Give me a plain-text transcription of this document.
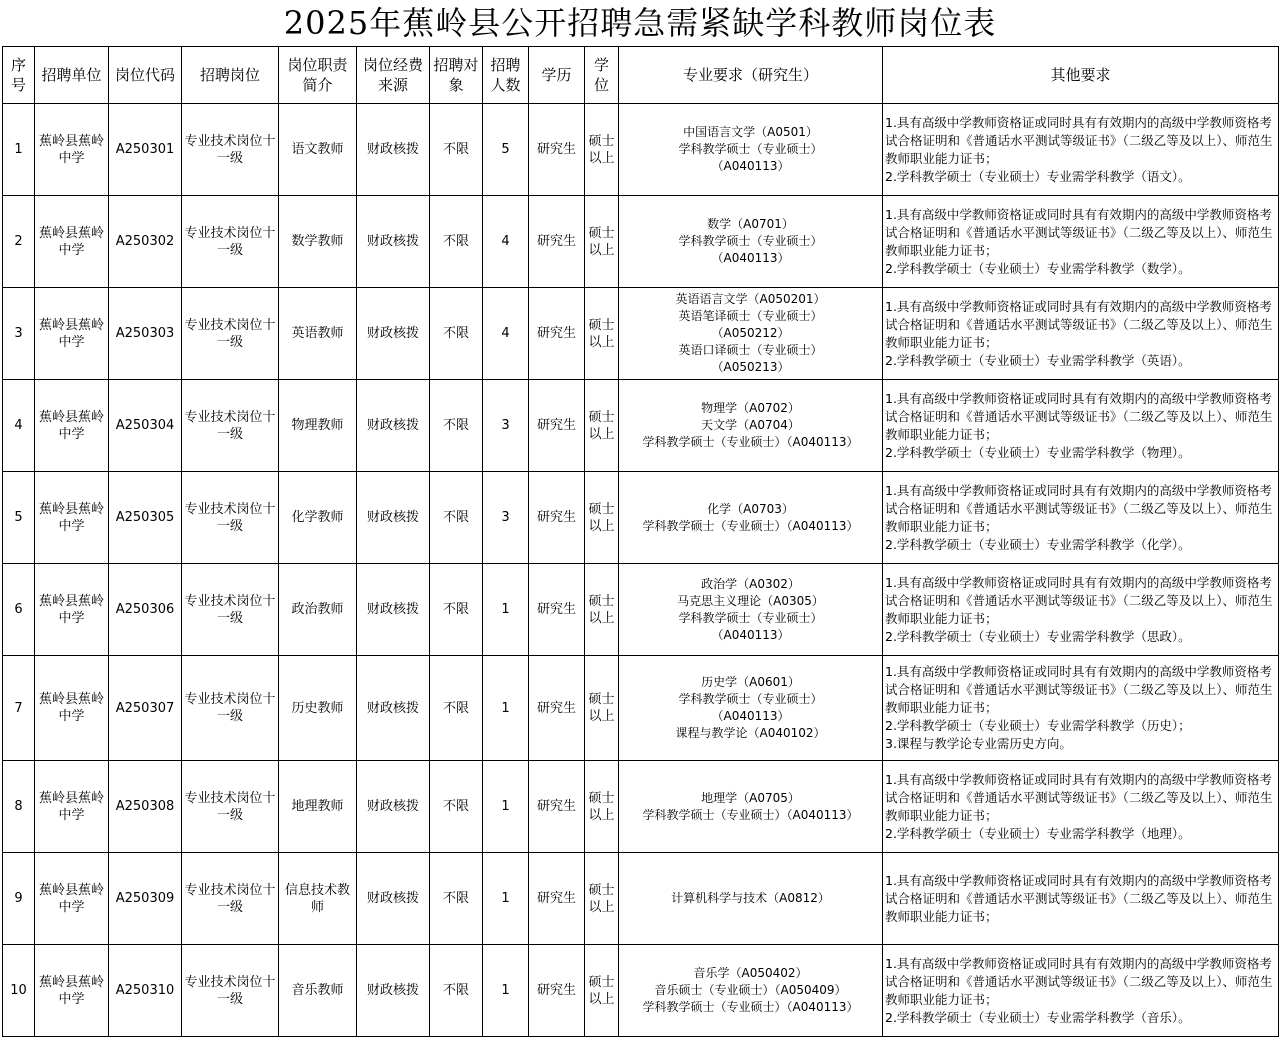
2025年蕉岭县公开招聘急需紧缺学科教师岗位表
序号	招聘单位	岗位代码	招聘岗位	岗位职责简介	岗位经费来源	招聘对象	招聘人数	学历	学位	专业要求（研究生）	其他要求
1	蕉岭县蕉岭中学	A250301	专业技术岗位十一级	语文教师	财政核拨	不限	5	研究生	硕士以上	中国语言文学（A0501）
学科教学硕士（专业硕士）
（A040113）	1.具有高级中学教师资格证或同时具有有效期内的高级中学教师资格考试合格证明和《普通话水平测试等级证书》（二级乙等及以上）、师范生教师职业能力证书；
2.学科教学硕士（专业硕士）专业需学科教学（语文）。

2	蕉岭县蕉岭中学	A250302	专业技术岗位十一级	数学教师	财政核拨	不限	4	研究生	硕士以上	数学（A0701）
学科教学硕士（专业硕士）
（A040113）	1.具有高级中学教师资格证或同时具有有效期内的高级中学教师资格考试合格证明和《普通话水平测试等级证书》（二级乙等及以上）、师范生教师职业能力证书；
2.学科教学硕士（专业硕士）专业需学科教学（数学）。

3	蕉岭县蕉岭中学	A250303	专业技术岗位十一级	英语教师	财政核拨	不限	4	研究生	硕士以上	英语语言文学（A050201）
英语笔译硕士（专业硕士）
（A050212）
英语口译硕士（专业硕士）
（A050213）	1.具有高级中学教师资格证或同时具有有效期内的高级中学教师资格考试合格证明和《普通话水平测试等级证书》（二级乙等及以上）、师范生教师职业能力证书；
2.学科教学硕士（专业硕士）专业需学科教学（英语）。

4	蕉岭县蕉岭中学	A250304	专业技术岗位十一级	物理教师	财政核拨	不限	3	研究生	硕士以上	物理学（A0702）
天文学（A0704）
学科教学硕士（专业硕士）（A040113）	1.具有高级中学教师资格证或同时具有有效期内的高级中学教师资格考试合格证明和《普通话水平测试等级证书》（二级乙等及以上）、师范生教师职业能力证书；
2.学科教学硕士（专业硕士）专业需学科教学（物理）。

5	蕉岭县蕉岭中学	A250305	专业技术岗位十一级	化学教师	财政核拨	不限	3	研究生	硕士以上	化学（A0703）
学科教学硕士（专业硕士）（A040113）	1.具有高级中学教师资格证或同时具有有效期内的高级中学教师资格考试合格证明和《普通话水平测试等级证书》（二级乙等及以上）、师范生教师职业能力证书；
2.学科教学硕士（专业硕士）专业需学科教学（化学）。

6	蕉岭县蕉岭中学	A250306	专业技术岗位十一级	政治教师	财政核拨	不限	1	研究生	硕士以上	政治学（A0302）
马克思主义理论（A0305）
学科教学硕士（专业硕士）
（A040113）	1.具有高级中学教师资格证或同时具有有效期内的高级中学教师资格考试合格证明和《普通话水平测试等级证书》（二级乙等及以上）、师范生教师职业能力证书；
2.学科教学硕士（专业硕士）专业需学科教学（思政）。

7	蕉岭县蕉岭中学	A250307	专业技术岗位十一级	历史教师	财政核拨	不限	1	研究生	硕士以上	历史学（A0601）
学科教学硕士（专业硕士）
（A040113）
课程与教学论（A040102）	1.具有高级中学教师资格证或同时具有有效期内的高级中学教师资格考试合格证明和《普通话水平测试等级证书》（二级乙等及以上）、师范生教师职业能力证书；
2.学科教学硕士（专业硕士）专业需学科教学（历史）；
3.课程与教学论专业需历史方向。

8	蕉岭县蕉岭中学	A250308	专业技术岗位十一级	地理教师	财政核拨	不限	1	研究生	硕士以上	地理学（A0705）
学科教学硕士（专业硕士）（A040113）	1.具有高级中学教师资格证或同时具有有效期内的高级中学教师资格考试合格证明和《普通话水平测试等级证书》（二级乙等及以上）、师范生教师职业能力证书；
2.学科教学硕士（专业硕士）专业需学科教学（地理）。

9	蕉岭县蕉岭中学	A250309	专业技术岗位十一级	信息技术教师	财政核拨	不限	1	研究生	硕士以上	计算机科学与技术（A0812）	1.具有高级中学教师资格证或同时具有有效期内的高级中学教师资格考试合格证明和《普通话水平测试等级证书》（二级乙等及以上）、师范生教师职业能力证书；

10	蕉岭县蕉岭中学	A250310	专业技术岗位十一级	音乐教师	财政核拨	不限	1	研究生	硕士以上	音乐学（A050402）
音乐硕士（专业硕士）（A050409）
学科教学硕士（专业硕士）（A040113）	1.具有高级中学教师资格证或同时具有有效期内的高级中学教师资格考试合格证明和《普通话水平测试等级证书》（二级乙等及以上）、师范生教师职业能力证书；
2.学科教学硕士（专业硕士）专业需学科教学（音乐）。
